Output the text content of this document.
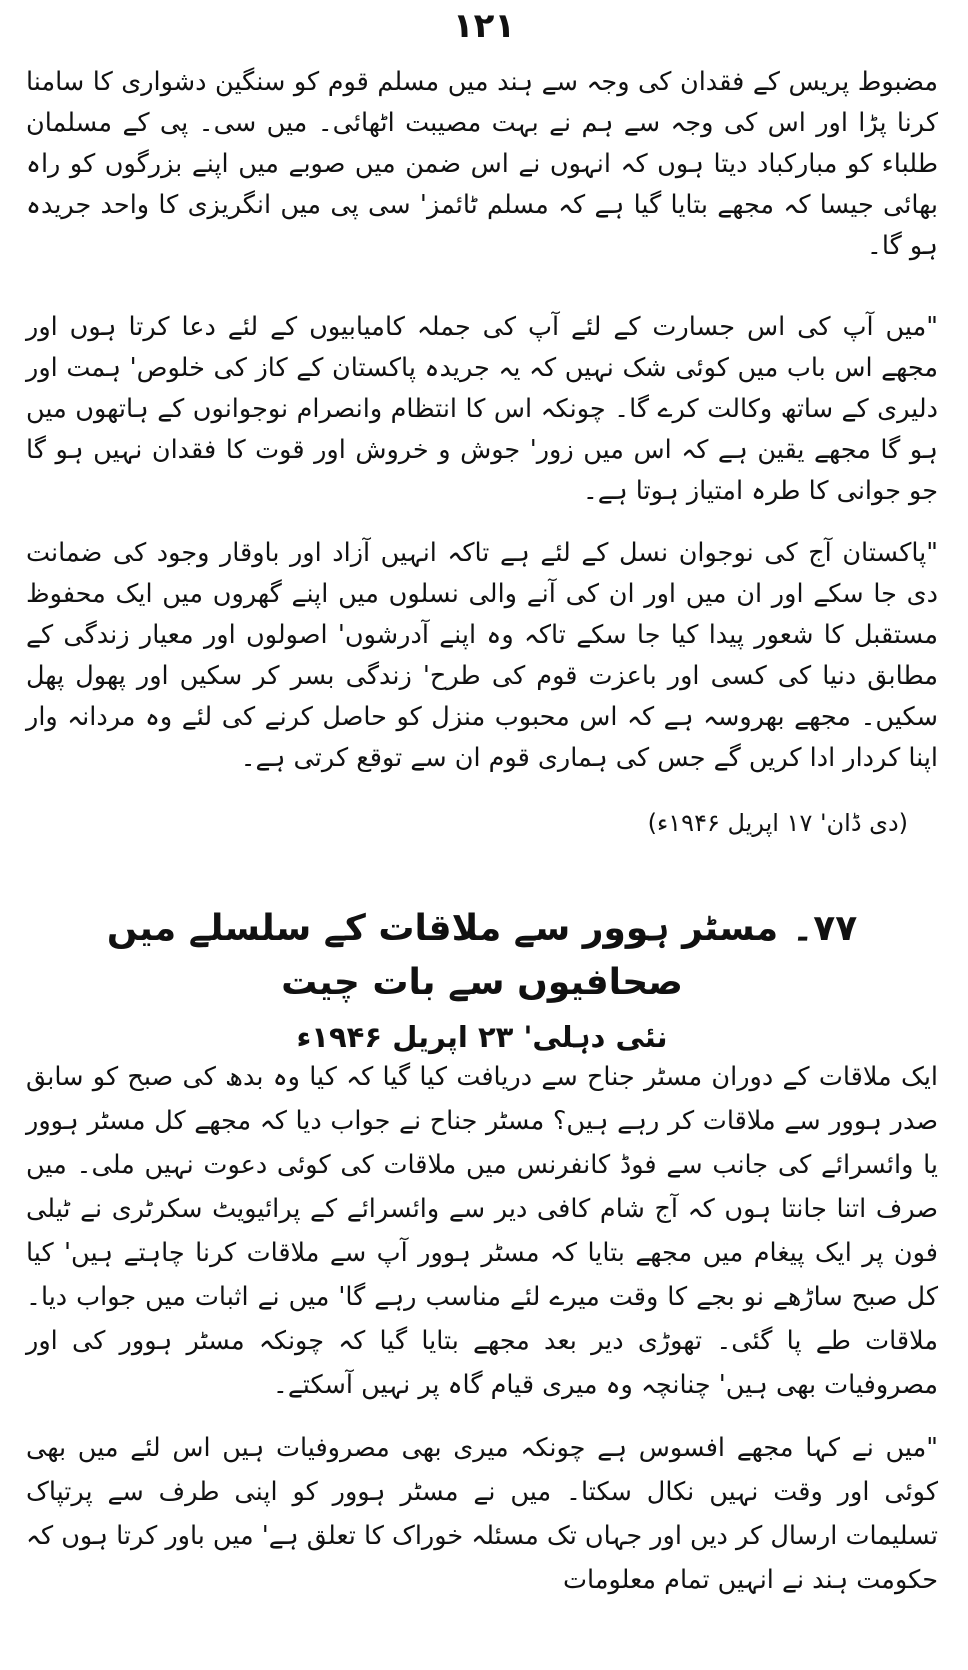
۱۲۱

مضبوط پریس کے فقدان کی وجہ سے ہند میں مسلم قوم کو سنگین دشواری کا سامنا کرنا پڑا اور اس کی وجہ سے ہم نے بہت مصیبت اٹھائی۔ میں سی۔ پی کے مسلمان طلباء کو مبارکباد دیتا ہوں کہ انہوں نے اس ضمن میں صوبے میں اپنے بزرگوں کو راہ بھائی جیسا کہ مجھے بتایا گیا ہے کہ مسلم ٹائمز' سی پی میں انگریزی کا واحد جریدہ ہو گا۔

"میں آپ کی اس جسارت کے لئے آپ کی جملہ کامیابیوں کے لئے دعا کرتا ہوں اور مجھے اس باب میں کوئی شک نہیں کہ یہ جریدہ پاکستان کے کاز کی خلوص' ہمت اور دلیری کے ساتھ وکالت کرے گا۔ چونکہ اس کا انتظام وانصرام نوجوانوں کے ہاتھوں میں ہو گا مجھے یقین ہے کہ اس میں زور' جوش و خروش اور قوت کا فقدان نہیں ہو گا جو جوانی کا طرہ امتیاز ہوتا ہے۔

"پاکستان آج کی نوجوان نسل کے لئے ہے تاکہ انہیں آزاد اور باوقار وجود کی ضمانت دی جا سکے اور ان میں اور ان کی آنے والی نسلوں میں اپنے گھروں میں ایک محفوظ مستقبل کا شعور پیدا کیا جا سکے تاکہ وہ اپنے آدرشوں' اصولوں اور معیار زندگی کے مطابق دنیا کی کسی اور باعزت قوم کی طرح' زندگی بسر کر سکیں اور پھول پھل سکیں۔ مجھے بھروسہ ہے کہ اس محبوب منزل کو حاصل کرنے کی لئے وہ مردانہ وار اپنا کردار ادا کریں گے جس کی ہماری قوم ان سے توقع کرتی ہے۔

(دی ڈان' ۱۷ اپریل ۱۹۴۶ء)

۷۷۔مسٹر ہوور سے ملاقات کے سلسلے میں صحافیوں سے بات چیت

نئی دہلی' ۲۳ اپریل ۱۹۴۶ء

ایک ملاقات کے دوران مسٹر جناح سے دریافت کیا گیا کہ کیا وہ بدھ کی صبح کو سابق صدر ہوور سے ملاقات کر رہے ہیں؟ مسٹر جناح نے جواب دیا کہ مجھے کل مسٹر ہوور یا وائسرائے کی جانب سے فوڈ کانفرنس میں ملاقات کی کوئی دعوت نہیں ملی۔ میں صرف اتنا جانتا ہوں کہ آج شام کافی دیر سے وائسرائے کے پرائیویٹ سکرٹری نے ٹیلی فون پر ایک پیغام میں مجھے بتایا کہ مسٹر ہوور آپ سے ملاقات کرنا چاہتے ہیں' کیا کل صبح ساڑھے نو بجے کا وقت میرے لئے مناسب رہے گا' میں نے اثبات میں جواب دیا۔ ملاقات طے پا گئی۔ تھوڑی دیر بعد مجھے بتایا گیا کہ چونکہ مسٹر ہوور کی اور مصروفیات بھی ہیں' چنانچہ وہ میری قیام گاہ پر نہیں آسکتے۔

"میں نے کہا مجھے افسوس ہے چونکہ میری بھی مصروفیات ہیں اس لئے میں بھی کوئی اور وقت نہیں نکال سکتا۔ میں نے مسٹر ہوور کو اپنی طرف سے پرتپاک تسلیمات ارسال کر دیں اور جہاں تک مسئلہ خوراک کا تعلق ہے' میں باور کرتا ہوں کہ حکومت ہند نے انہیں تمام معلومات
